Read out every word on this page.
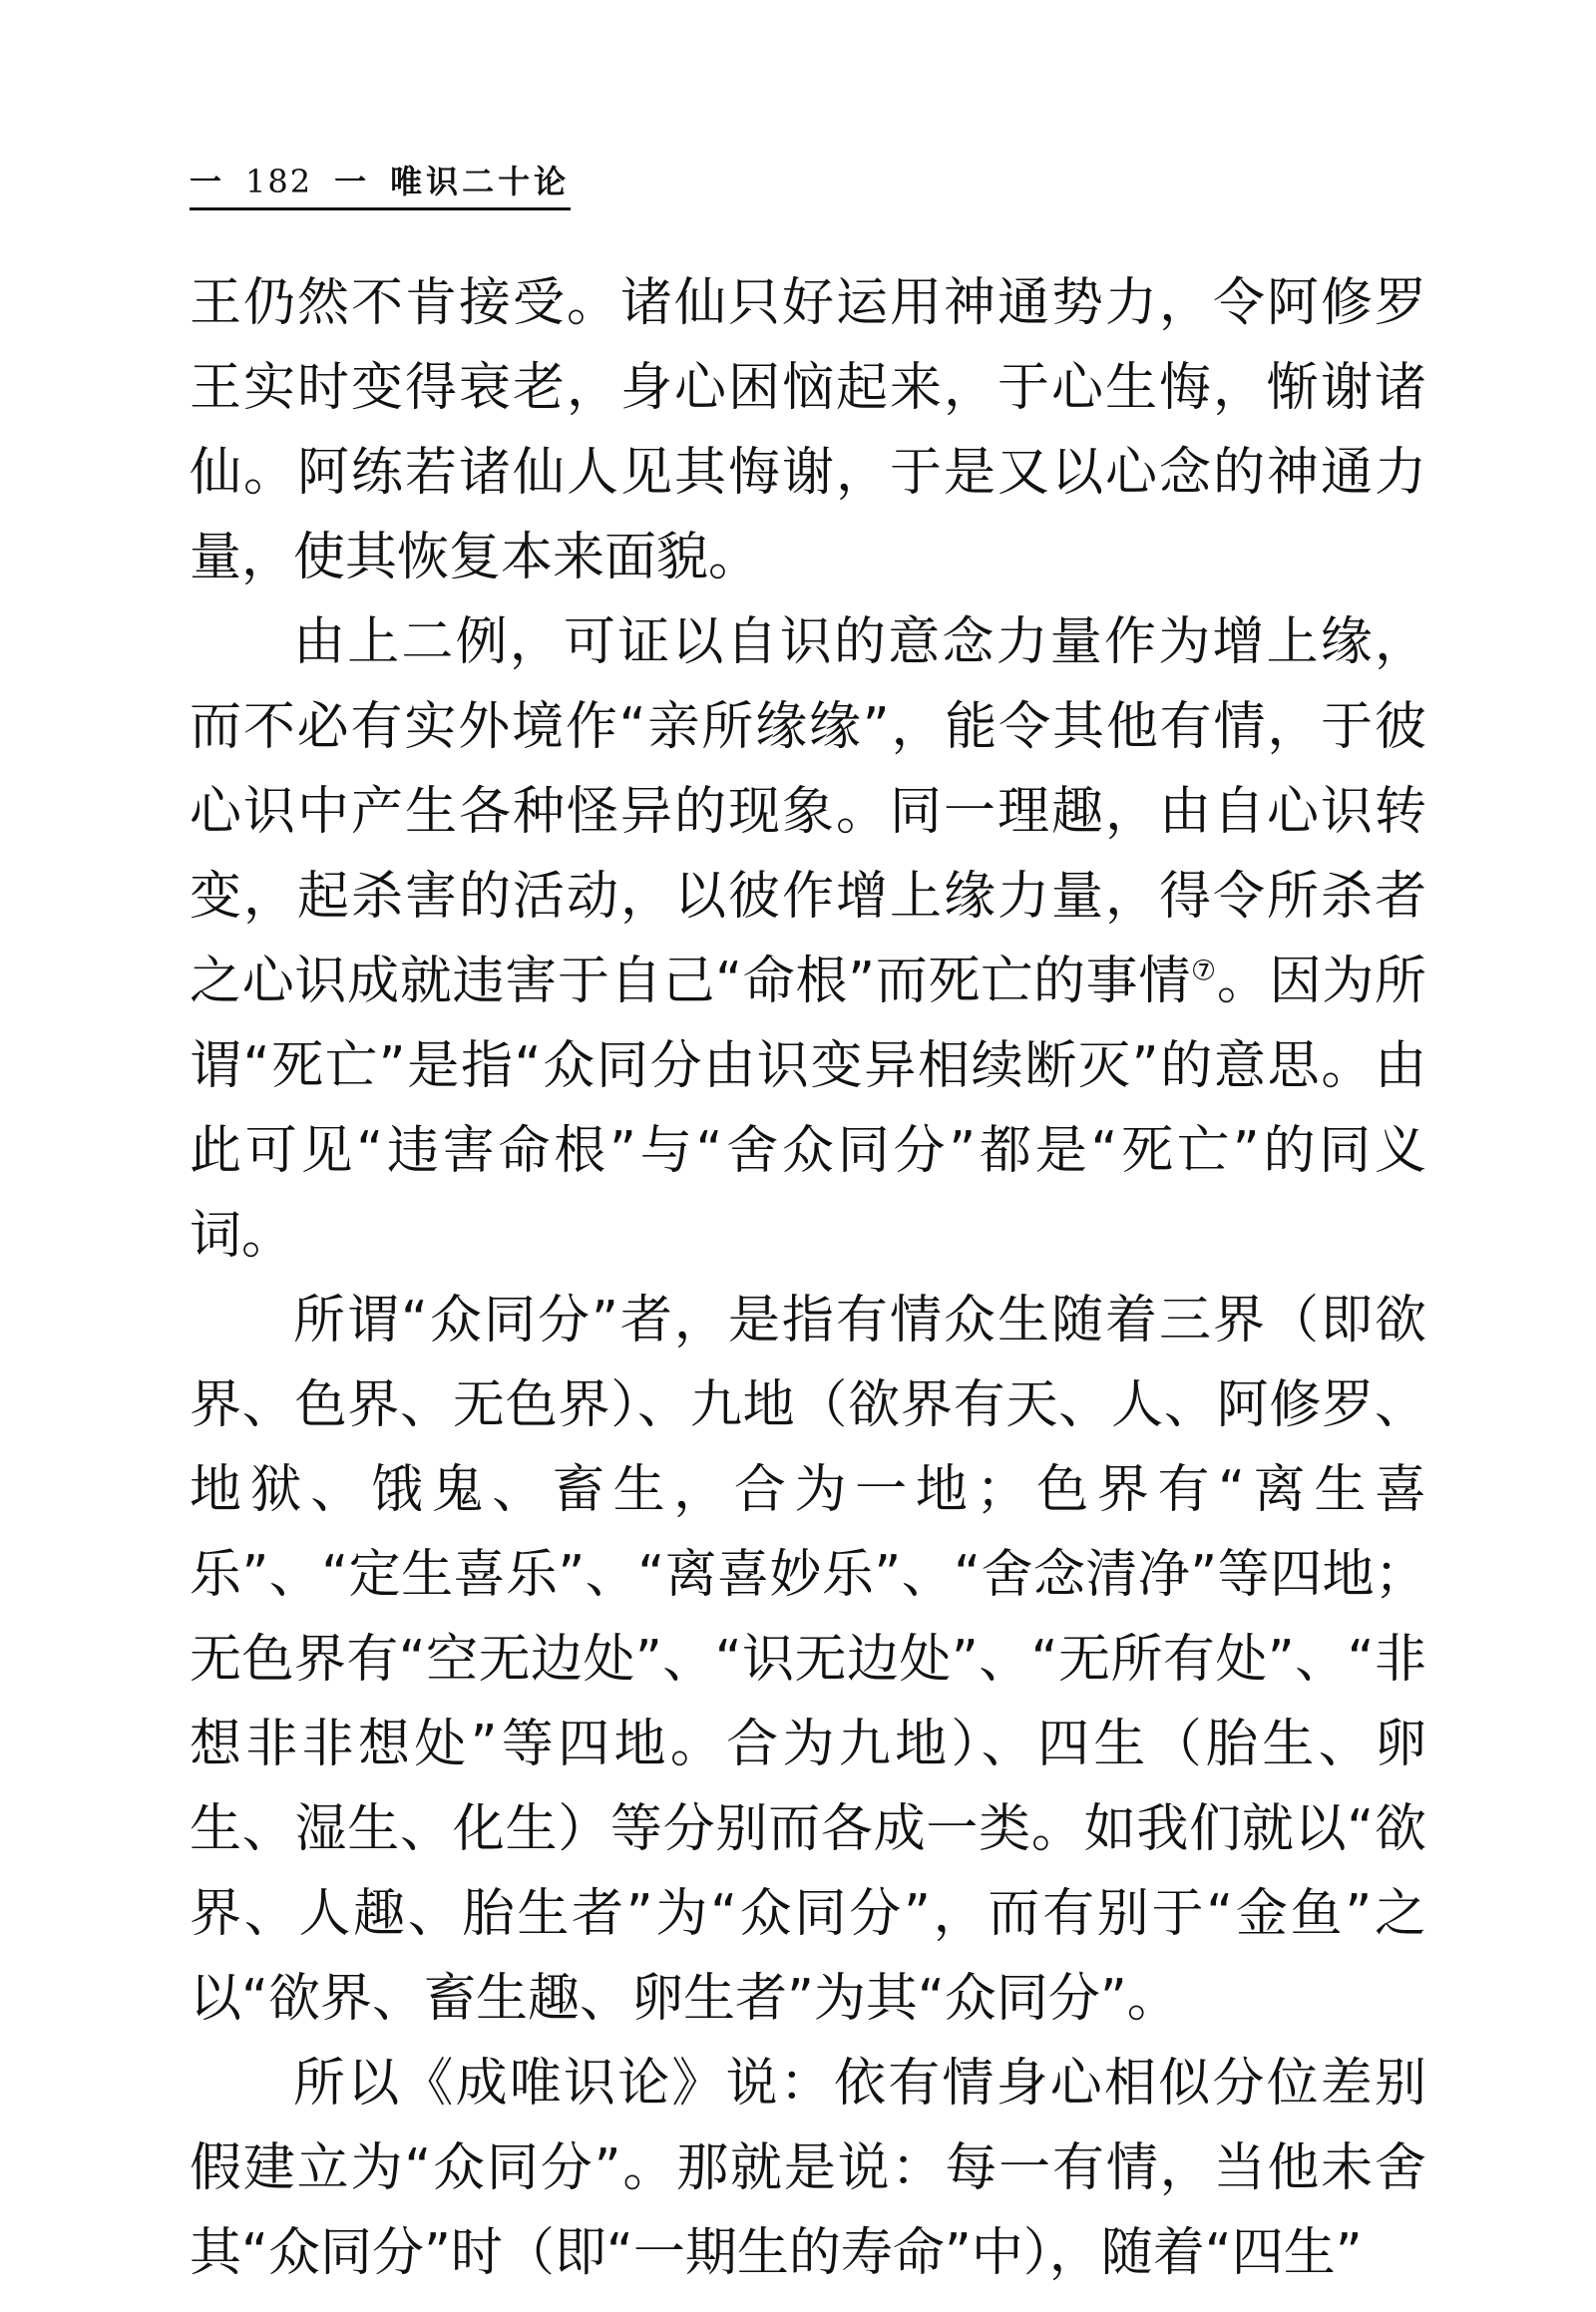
一 182 一 唯识二十论

王仍然不肯接受。诸仙只好运用神通势力，令阿修罗王实时变得衰老，身心困恼起来，于心生悔，惭谢诸仙。阿练若诸仙人见其悔谢，于是又以心念的神通力量，使其恢复本来面貌。

由上二例，可证以自识的意念力量作为增上缘，而不必有实外境作“亲所缘缘”，能令其他有情，于彼心识中产生各种怪异的现象。同一理趣，由自心识转变，起杀害的活动，以彼作增上缘力量，得令所杀者之心识成就违害于自己“命根”而死亡的事情⑦。因为所谓“死亡”是指“众同分由识变异相续断灭”的意思。由此可见“违害命根”与“舍众同分”都是“死亡”的同义词。

所谓“众同分”者，是指有情众生随着三界（即欲界、色界、无色界）、九地（欲界有天、人、阿修罗、地狱、饿鬼、畜生，合为一地；色界有“离生喜乐”、“定生喜乐”、“离喜妙乐”、“舍念清净”等四地；无色界有“空无边处”、“识无边处”、“无所有处”、“非想非非想处”等四地。合为九地）、四生（胎生、卵生、湿生、化生）等分别而各成一类。如我们就以“欲界、人趣、胎生者”为“众同分”，而有别于“金鱼”之以“欲界、畜生趣、卵生者”为其“众同分”。

所以《成唯识论》说：依有情身心相似分位差别假建立为“众同分”。那就是说：每一有情，当他未舍其“众同分”时（即“一期生的寿命”中），随着“四生”
